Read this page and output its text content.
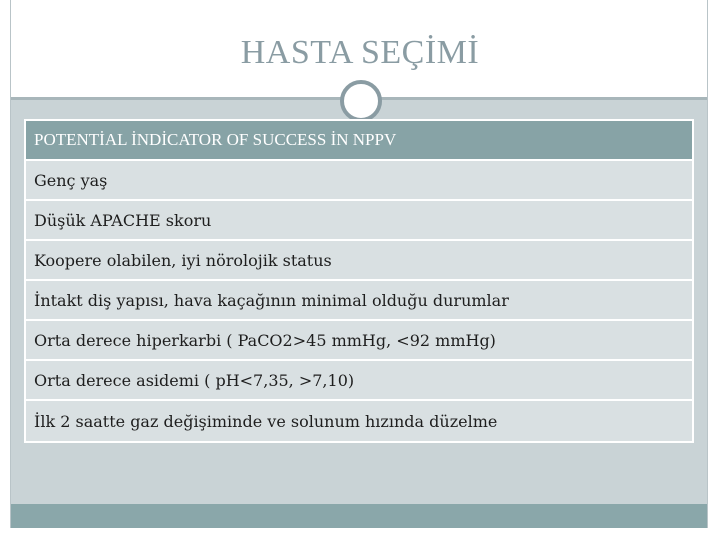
HASTA SEÇİMİ
POTENTİAL İNDİCATOR OF SUCCESS İN NPPV
Genç yaş
Düşük APACHE skoru
Koopere olabilen, iyi nörolojik status
İntakt diş yapısı, hava kaçağının minimal olduğu durumlar
Orta derece hiperkarbi ( PaCO2>45 mmHg, <92 mmHg)
Orta derece asidemi ( pH<7,35, >7,10)
İlk 2 saatte gaz değişiminde ve solunum hızında düzelme
